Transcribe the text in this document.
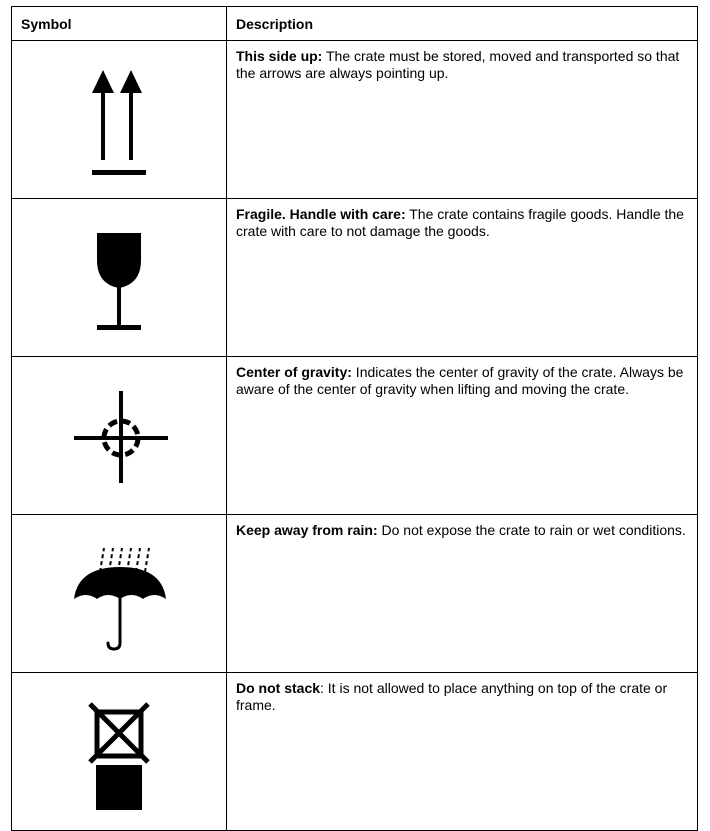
Symbol	Description

	This side up: The crate must be stored, moved and transported so that the arrows are always pointing up.

	Fragile. Handle with care: The crate contains fragile goods. Handle the crate with care to not damage the goods.

	Center of gravity: Indicates the center of gravity of the crate. Always be aware of the center of gravity when lifting and moving the crate.

	Keep away from rain: Do not expose the crate to rain or wet conditions.

	Do not stack: It is not allowed to place anything on top of the crate or frame.
